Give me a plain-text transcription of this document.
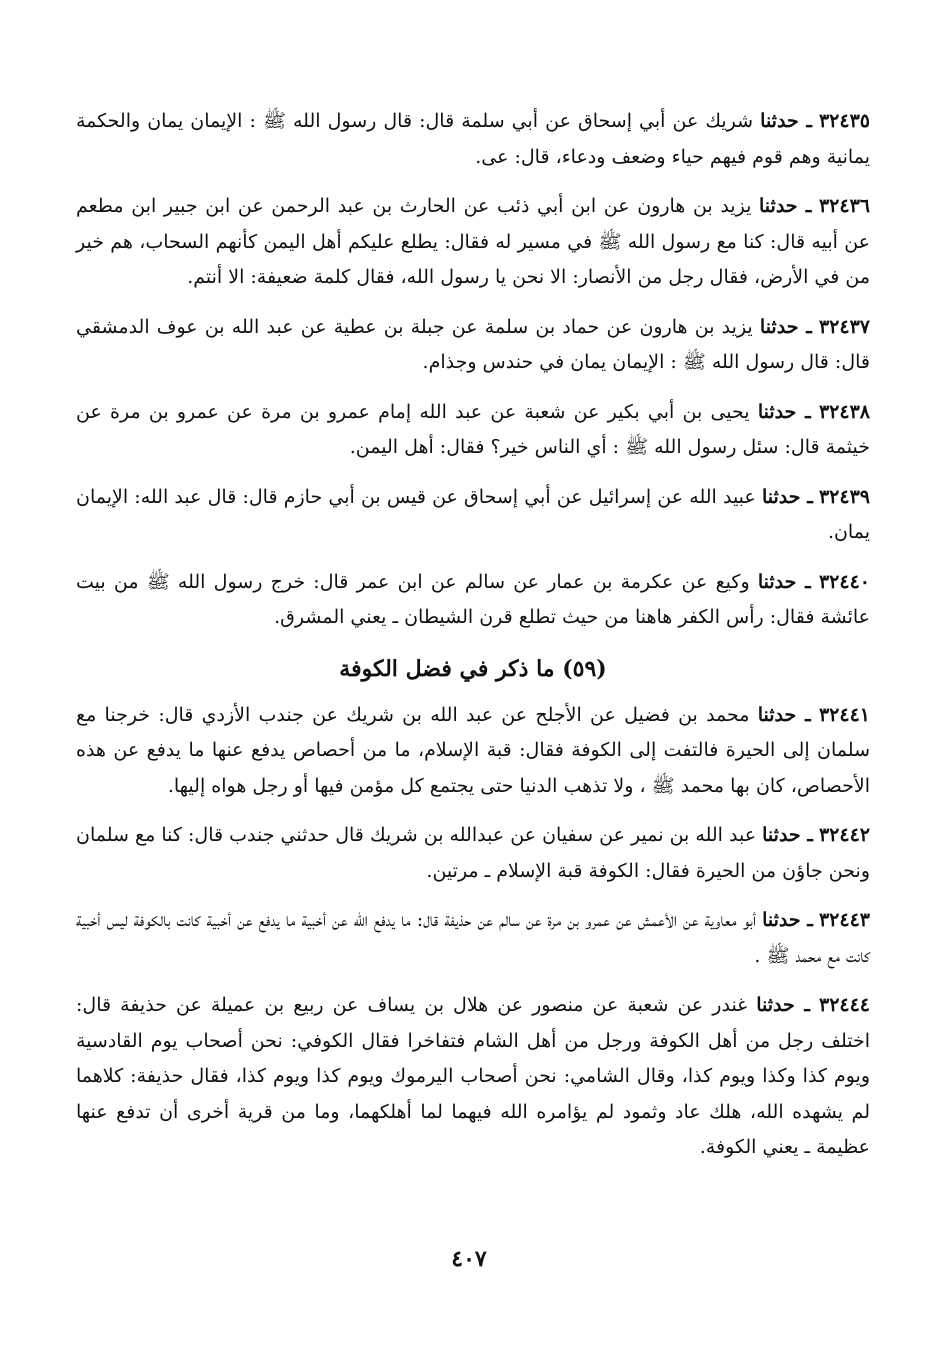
٣٢٤٣٥ ـ حدثنا شريك عن أبي إسحاق عن أبي سلمة قال: قال رسول الله ﷺ : الإيمان يمان والحكمة يمانية وهم قوم فيهم حياء وضعف ودعاء، قال: عى.

٣٢٤٣٦ ـ حدثنا يزيد بن هارون عن ابن أبي ذئب عن الحارث بن عبد الرحمن عن ابن جبير ابن مطعم عن أبيه قال: كنا مع رسول الله ﷺ في مسير له فقال: يطلع عليكم أهل اليمن كأنهم السحاب، هم خير من في الأرض، فقال رجل من الأنصار: الا نحن يا رسول الله، فقال كلمة ضعيفة: الا أنتم.

٣٢٤٣٧ ـ حدثنا يزيد بن هارون عن حماد بن سلمة عن جبلة بن عطية عن عبد الله بن عوف الدمشقي قال: قال رسول الله ﷺ : الإيمان يمان في حندس وجذام.

٣٢٤٣٨ ـ حدثنا يحيى بن أبي بكير عن شعبة عن عبد الله إمام عمرو بن مرة عن عمرو بن مرة عن خيثمة قال: سئل رسول الله ﷺ : أي الناس خير؟ فقال: أهل اليمن.

٣٢٤٣٩ ـ حدثنا عبيد الله عن إسرائيل عن أبي إسحاق عن قيس بن أبي حازم قال: قال عبد الله: الإيمان يمان.

٣٢٤٤٠ ـ حدثنا وكيع عن عكرمة بن عمار عن سالم عن ابن عمر قال: خرج رسول الله ﷺ من بيت عائشة فقال: رأس الكفر هاهنا من حيث تطلع قرن الشيطان ـ يعني المشرق.

(٥٩) ما ذكر في فضل الكوفة

٣٢٤٤١ ـ حدثنا محمد بن فضيل عن الأجلح عن عبد الله بن شريك عن جندب الأزدي قال: خرجنا مع سلمان إلى الحيرة فالتفت إلى الكوفة فقال: قبة الإسلام، ما من أحصاص يدفع عنها ما يدفع عن هذه الأحصاص، كان بها محمد ﷺ ، ولا تذهب الدنيا حتى يجتمع كل مؤمن فيها أو رجل هواه إليها.

٣٢٤٤٢ ـ حدثنا عبد الله بن نمير عن سفيان عن عبدالله بن شريك قال حدثني جندب قال: كنا مع سلمان ونحن جاؤن من الحيرة فقال: الكوفة قبة الإسلام ـ مرتين.

٣٢٤٤٣ ـ حدثنا أبو معاوية عن الأعمش عن عمرو بن مرة عن سالم عن حذيفة قال: ما يدفع الله عن أخبية ما يدفع عن أخبية كانت بالكوفة ليس أخبية كانت مع محمد ﷺ .

٣٢٤٤٤ ـ حدثنا غندر عن شعبة عن منصور عن هلال بن يساف عن ربيع بن عميلة عن حذيفة قال: اختلف رجل من أهل الكوفة ورجل من أهل الشام فتفاخرا فقال الكوفي: نحن أصحاب يوم القادسية ويوم كذا وكذا ويوم كذا، وقال الشامي: نحن أصحاب اليرموك ويوم كذا ويوم كذا، فقال حذيفة: كلاهما لم يشهده الله، هلك عاد وثمود لم يؤامره الله فيهما لما أهلكهما، وما من قرية أخرى أن تدفع عنها عظيمة ـ يعني الكوفة.

٤٠٧
